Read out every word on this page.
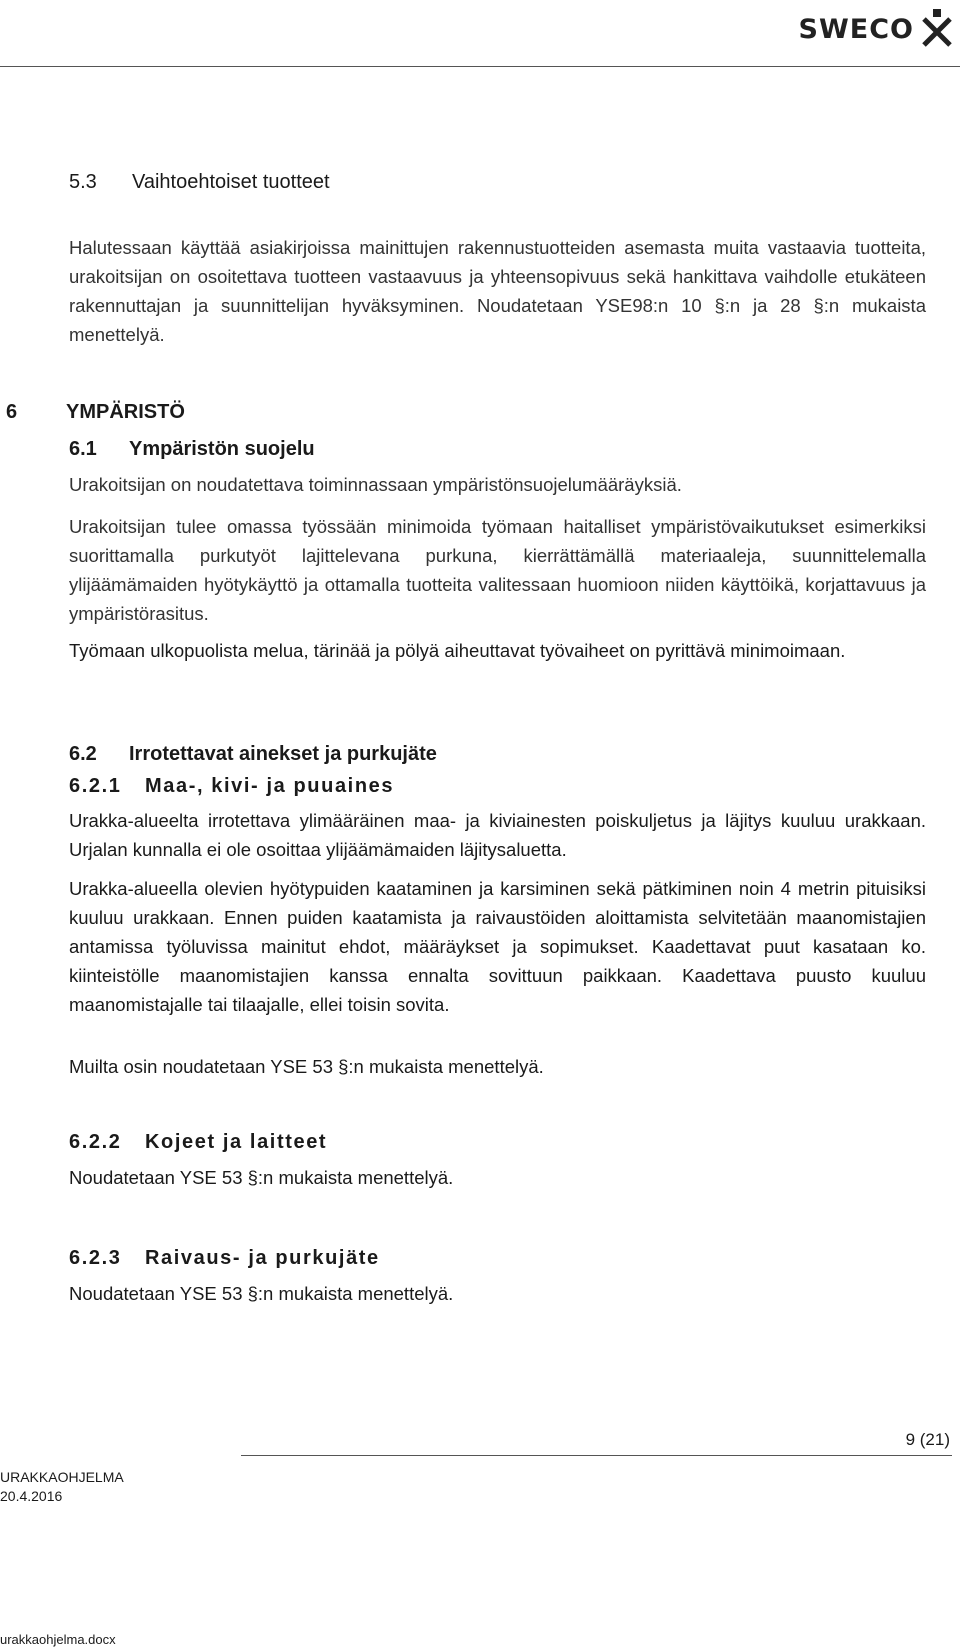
SWECO
5.3 Vaihtoehtoiset tuotteet
Halutessaan käyttää asiakirjoissa mainittujen rakennustuotteiden asemasta muita vastaavia tuotteita, urakoitsijan on osoitettava tuotteen vastaavuus ja yhteensopivuus sekä hankittava vaihdolle etukäteen rakennuttajan ja suunnittelijan hyväksyminen. Noudatetaan YSE98:n 10 §:n ja 28 §:n mukaista menettelyä.
6 YMPÄRISTÖ
6.1 Ympäristön suojelu
Urakoitsijan on noudatettava toiminnassaan ympäristönsuojelumääräyksiä.
Urakoitsijan tulee omassa työssään minimoida työmaan haitalliset ympäristövaikutukset esimerkiksi suorittamalla purkutyöt lajittelevana purkuna, kierrättämällä materiaaleja, suunnittelemalla ylijäämämaiden hyötykäyttö ja ottamalla tuotteita valitessaan huomioon niiden käyttöikä, korjattavuus ja ympäristörasitus.
Työmaan ulkopuolista melua, tärinää ja pölyä aiheuttavat työvaiheet on pyrittävä minimoimaan.
6.2 Irrotettavat ainekset ja purkujäte
6.2.1 Maa-, kivi- ja puuaines
Urakka-alueelta irrotettava ylimääräinen maa- ja kiviainesten poiskuljetus ja läjitys kuuluu urakkaan. Urjalan kunnalla ei ole osoittaa ylijäämämaiden läjitysaluetta.
Urakka-alueella olevien hyötypuiden kaataminen ja karsiminen sekä pätkiminen noin 4 metrin pituisiksi kuuluu urakkaan. Ennen puiden kaatamista ja raivaustöiden aloittamista selvitetään maanomistajien antamissa työluvissa mainitut ehdot, määräykset ja sopimukset. Kaadettavat puut kasataan ko. kiinteistölle maanomistajien kanssa ennalta sovittuun paikkaan. Kaadettava puusto kuuluu maanomistajalle tai tilaajalle, ellei toisin sovita.
Muilta osin noudatetaan YSE 53 §:n mukaista menettelyä.
6.2.2 Kojeet ja laitteet
Noudatetaan YSE 53 §:n mukaista menettelyä.
6.2.3 Raivaus- ja purkujäte
Noudatetaan YSE 53 §:n mukaista menettelyä.
9 (21)
URAKKAOHJELMA
20.4.2016
urakkaohjelma.docx
